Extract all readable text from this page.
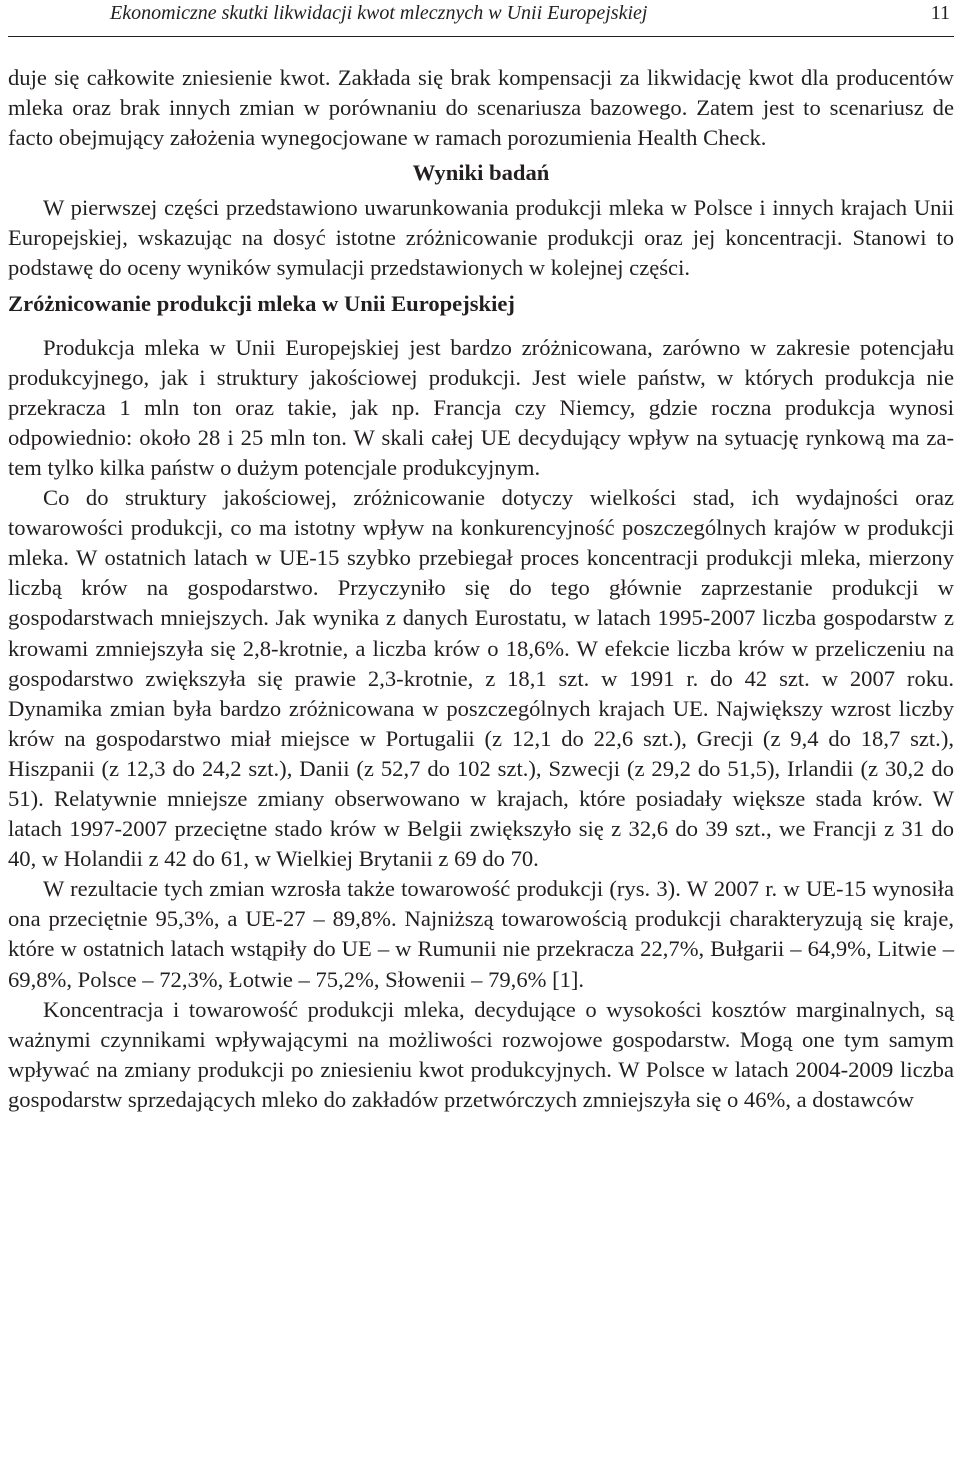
Ekonomiczne skutki likwidacji kwot mlecznych w Unii Europejskiej	11

duje się całkowite zniesienie kwot. Zakłada się brak kompensacji za likwidację kwot dla producentów mleka oraz brak innych zmian w porównaniu do scenariusza bazowego. Zatem jest to scenariusz de facto obejmujący założenia wynegocjowane w ramach porozumienia Health Check.

Wyniki badań

W pierwszej części przedstawiono uwarunkowania produkcji mleka w Polsce i innych krajach Unii Europejskiej, wskazując na dosyć istotne zróżnicowanie produkcji oraz jej koncentracji. Stanowi to podstawę do oceny wyników symulacji przedstawionych w kolejnej części.

Zróżnicowanie produkcji mleka w Unii Europejskiej

Produkcja mleka w Unii Europejskiej jest bardzo zróżnicowana, zarówno w zakresie potencjału produkcyjnego, jak i struktury jakościowej produkcji. Jest wiele państw, w których produkcja nie przekracza 1 mln ton oraz takie, jak np. Francja czy Niemcy, gdzie roczna produkcja wynosi odpowiednio: około 28 i 25 mln ton. W skali całej UE decydujący wpływ na sytuację rynkową ma zatem tylko kilka państw o dużym potencjale produkcyjnym.

Co do struktury jakościowej, zróżnicowanie dotyczy wielkości stad, ich wydajności oraz towarowości produkcji, co ma istotny wpływ na konkurencyjność poszczególnych krajów w produkcji mleka. W ostatnich latach w UE-15 szybko przebiegał proces koncentracji produkcji mleka, mierzony liczbą krów na gospodarstwo. Przyczyniło się do tego głównie zaprzestanie produkcji w gospodarstwach mniejszych. Jak wynika z danych Eurostatu, w latach 1995-2007 liczba gospodarstw z krowami zmniejszyła się 2,8-krotnie, a liczba krów o 18,6%. W efekcie liczba krów w przeliczeniu na gospodarstwo zwiększyła się prawie 2,3-krotnie, z 18,1 szt. w 1991 r. do 42 szt. w 2007 roku. Dynamika zmian była bardzo zróżnicowana w poszczególnych krajach UE. Największy wzrost liczby krów na gospodarstwo miał miejsce w Portugalii (z 12,1 do 22,6 szt.), Grecji (z 9,4 do 18,7 szt.), Hiszpanii (z 12,3 do 24,2 szt.), Danii (z 52,7 do 102 szt.), Szwecji (z 29,2 do 51,5), Irlandii (z 30,2 do 51). Relatywnie mniejsze zmiany obserwowano w krajach, które posiadały większe stada krów. W latach 1997-2007 przeciętne stado krów w Belgii zwiększyło się z 32,6 do 39 szt., we Francji z 31 do 40, w Holandii z 42 do 61, w Wielkiej Brytanii z 69 do 70.

W rezultacie tych zmian wzrosła także towarowość produkcji (rys. 3). W 2007 r. w UE-15 wynosiła ona przeciętnie 95,3%, a UE-27 – 89,8%. Najniższą towarowością produkcji charakteryzują się kraje, które w ostatnich latach wstąpiły do UE – w Rumunii nie przekracza 22,7%, Bułgarii – 64,9%, Litwie – 69,8%, Polsce – 72,3%, Łotwie – 75,2%, Słowenii – 79,6% [1].

Koncentracja i towarowość produkcji mleka, decydujące o wysokości kosztów marginalnych, są ważnymi czynnikami wpływającymi na możliwości rozwojowe gospodarstw. Mogą one tym samym wpływać na zmiany produkcji po zniesieniu kwot produkcyjnych. W Polsce w latach 2004-2009 liczba gospodarstw sprzedających mleko do zakładów przetwórczych zmniejszyła się o 46%, a dostawców
